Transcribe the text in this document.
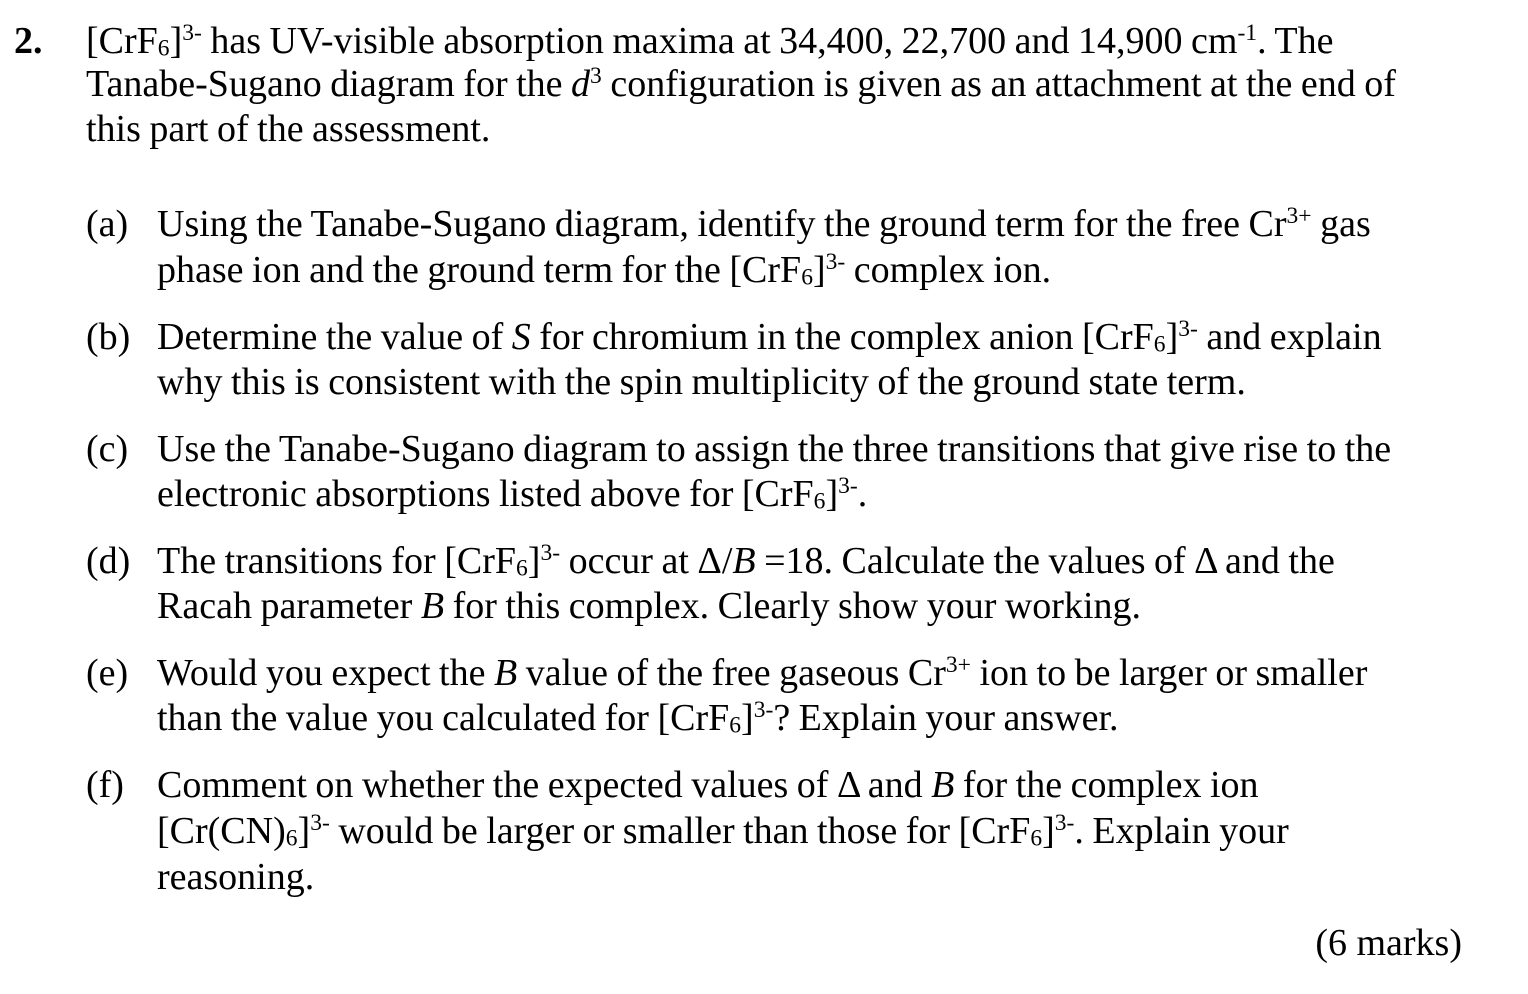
2. $[CrF_6]^{3-}$ has UV-visible absorption maxima at 34,400, 22,700 and 14,900 $cm^{-1}$. The
Tanabe-Sugano diagram for the $d^3$ configuration is given as an attachment at the end of
this part of the assessment.
(a) Using the Tanabe-Sugano diagram, identify the ground term for the free $Cr^{3+}$ gas
phase ion and the ground term for the $[CrF_6]^{3-}$ complex ion.
(b) Determine the value of S for chromium in the complex anion $[CrF_6]^{3-}$ and explain
why this is consistent with the spin multiplicity of the ground state term.
(c) Use the Tanabe-Sugano diagram to assign the three transitions that give rise to the
electronic absorptions listed above for $[CrF_6]^{3-}$.
(d) The transitions for $[CrF_6]^{3-}$ occur at Δ/B =18. Calculate the values of Δ and the
Racah parameter B for this complex. Clearly show your working.
(e) Would you expect the B value of the free gaseous $Cr^{3+}$ ion to be larger or smaller
than the value you calculated for $[CrF_6]^{3-}$? Explain your answer.
(f) Comment on whether the expected values of Δ and B for the complex ion
$[Cr(CN)_6]^{3-}$ would be larger or smaller than those for $[CrF_6]^{3-}$. Explain your
reasoning.
(6 marks)
